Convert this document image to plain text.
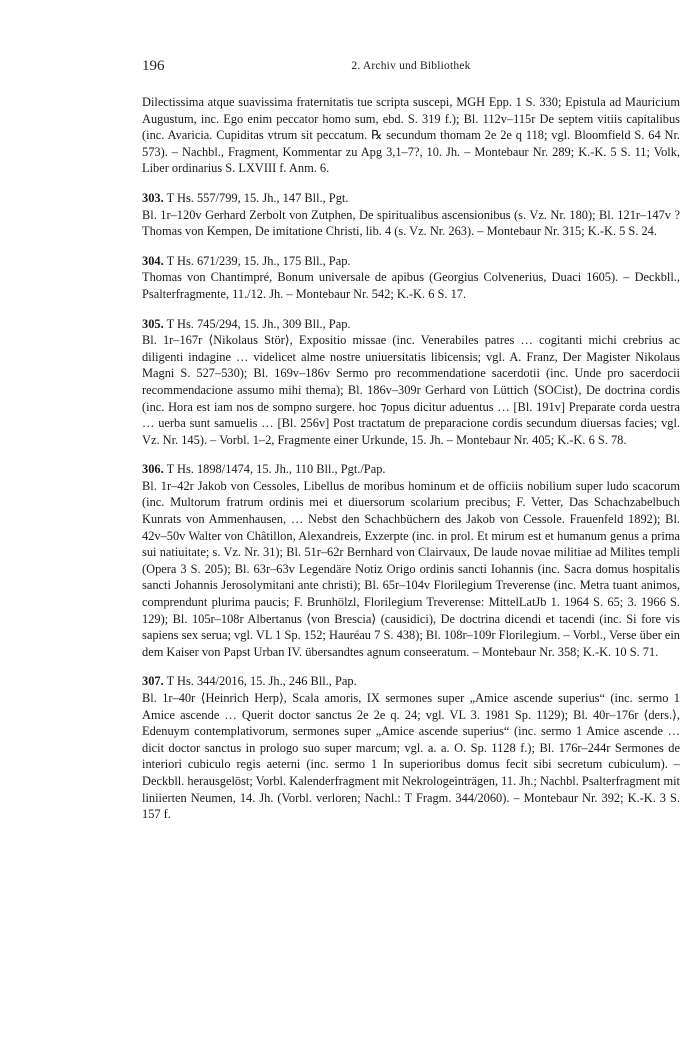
196	2. Archiv und Bibliothek

Dilectissima atque suavissima fraternitatis tue scripta suscepi, MGH Epp. 1 S. 330; Epistula ad Mauricium Augustum, inc. Ego enim peccator homo sum, ebd. S. 319 f.); Bl. 112v–115r De septem vitiis capitalibus (inc. Avaricia. Cupiditas vtrum sit peccatum. ℞ secundum thomam 2e 2e q 118; vgl. Bloomfield S. 64 Nr. 573). – Nachbl., Fragment, Kommentar zu Apg 3,1–7?, 10. Jh. – Montebaur Nr. 289; K.-K. 5 S. 11; Volk, Liber ordinarius S. LXVIII f. Anm. 6.

303. T Hs. 557/799, 15. Jh., 147 Bll., Pgt.

Bl. 1r–120v Gerhard Zerbolt von Zutphen, De spiritualibus ascensionibus (s. Vz. Nr. 180); Bl. 121r–147v ?Thomas von Kempen, De imitatione Christi, lib. 4 (s. Vz. Nr. 263). – Montebaur Nr. 315; K.-K. 5 S. 24.

304. T Hs. 671/239, 15. Jh., 175 Bll., Pap.

Thomas von Chantimpré, Bonum universale de apibus (Georgius Colvenerius, Duaci 1605). – Deckbll., Psalterfragmente, 11./12. Jh. – Montebaur Nr. 542; K.-K. 6 S. 17.

305. T Hs. 745/294, 15. Jh., 309 Bll., Pap.

Bl. 1r–167r ⟨Nikolaus Stör⟩, Expositio missae (inc. Venerabiles patres … cogitanti michi crebrius ac diligenti indagine … videlicet alme nostre uniuersitatis libicensis; vgl. A. Franz, Der Magister Nikolaus Magni S. 527–530); Bl. 169v–186v Sermo pro recommendatione sacerdotii (inc. Unde pro sacerdocii recommendacione assumo mihi thema); Bl. 186v–309r Gerhard von Lüttich ⟨SOCist⟩, De doctrina cordis (inc. Hora est iam nos de sompno surgere. hoc ⁊opus dicitur aduentus … [Bl. 191v] Preparate corda uestra … uerba sunt samuelis … [Bl. 256v] Post tractatum de preparacione cordis secundum diuersas facies; vgl. Vz. Nr. 145). – Vorbl. 1–2, Fragmente einer Urkunde, 15. Jh. – Montebaur Nr. 405; K.-K. 6 S. 78.

306. T Hs. 1898/1474, 15. Jh., 110 Bll., Pgt./Pap.

Bl. 1r–42r Jakob von Cessoles, Libellus de moribus hominum et de officiis nobilium super ludo scacorum (inc. Multorum fratrum ordinis mei et diuersorum scolarium precibus; F. Vetter, Das Schachzabelbuch Kunrats von Ammenhausen, … Nebst den Schachbüchern des Jakob von Cessole. Frauenfeld 1892); Bl. 42v–50v Walter von Châtillon, Alexandreis, Exzerpte (inc. in prol. Et mirum est et humanum genus a prima sui natiuitate; s. Vz. Nr. 31); Bl. 51r–62r Bernhard von Clairvaux, De laude novae militiae ad Milites templi (Opera 3 S. 205); Bl. 63r–63v Legendäre Notiz Origo ordinis sancti Iohannis (inc. Sacra domus hospitalis sancti Johannis Jerosolymitani ante christi); Bl. 65r–104v Florilegium Treverense (inc. Metra tuant animos, comprendunt plurima paucis; F. Brunhölzl, Florilegium Treverense: MittelLatJb 1. 1964 S. 65; 3. 1966 S. 129); Bl. 105r–108r Albertanus ⟨von Brescia⟩ (causidici), De doctrina dicendi et tacendi (inc. Si fore vis sapiens sex serua; vgl. VL 1 Sp. 152; Hauréau 7 S. 438); Bl. 108r–109r Florilegium. – Vorbl., Verse über ein dem Kaiser von Papst Urban IV. übersandtes agnum conseeratum. – Montebaur Nr. 358; K.-K. 10 S. 71.

307. T Hs. 344/2016, 15. Jh., 246 Bll., Pap.

Bl. 1r–40r ⟨Heinrich Herp⟩, Scala amoris, IX sermones super „Amice ascende superius“ (inc. sermo 1 Amice ascende … Querit doctor sanctus 2e 2e q. 24; vgl. VL 3. 1981 Sp. 1129); Bl. 40r–176r ⟨ders.⟩, Edenuym contemplativorum, sermones super „Amice ascende superius“ (inc. sermo 1 Amice ascende … dicit doctor sanctus in prologo suo super marcum; vgl. a. a. O. Sp. 1128 f.); Bl. 176r–244r Sermones de interiori cubiculo regis aeterni (inc. sermo 1 In superioribus domus fecit sibi secretum cubiculum). – Deckbll. herausgelöst; Vorbl. Kalenderfragment mit Nekrologeinträgen, 11. Jh.; Nachbl. Psalterfragment mit liniierten Neumen, 14. Jh. (Vorbl. verloren; Nachl.: T Fragm. 344/2060). – Montebaur Nr. 392; K.-K. 3 S. 157 f.
